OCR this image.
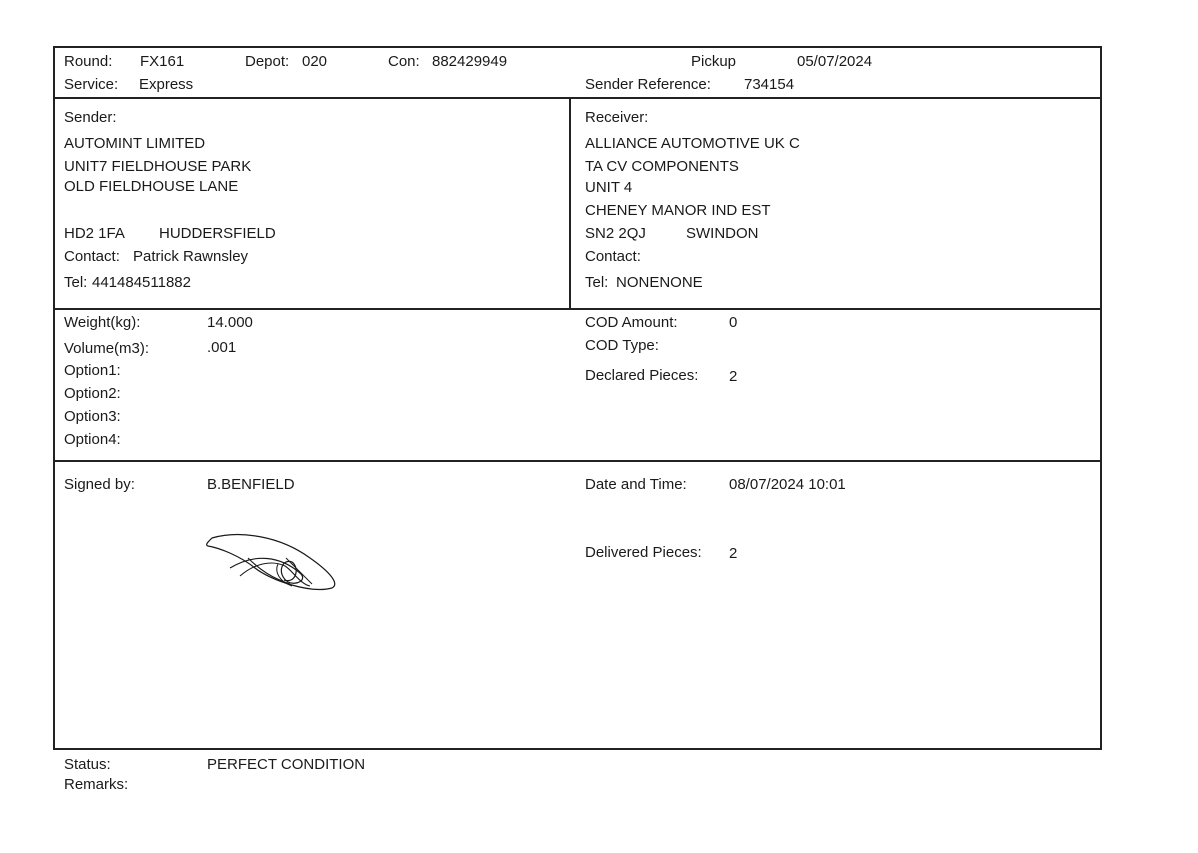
Round: FX161	Depot: 020	Con: 882429949
Service: Express
Pickup	05/07/2024
Sender Reference: 734154
Sender:
AUTOMINT LIMITED
UNIT7 FIELDHOUSE PARK
OLD FIELDHOUSE LANE
HD2 1FA HUDDERSFIELD
Contact: Patrick Rawnsley
Tel: 441484511882
Receiver:
ALLIANCE AUTOMOTIVE UK C
TA CV COMPONENTS
UNIT 4
CHENEY MANOR IND EST
SN2 2QJ	SWINDON
Contact:
Tel: NONENONE
Weight(kg):	14.000
Volume(m3):	.001
Option1:
Option2:
Option3:
Option4:
COD Amount:	0
COD Type:
Declared Pieces: 2
Signed by:	B.BENFIELD	Date and Time:	08/07/2024 10:01
Delivered Pieces: 2
Status:	PERFECT CONDITION
Remarks:
